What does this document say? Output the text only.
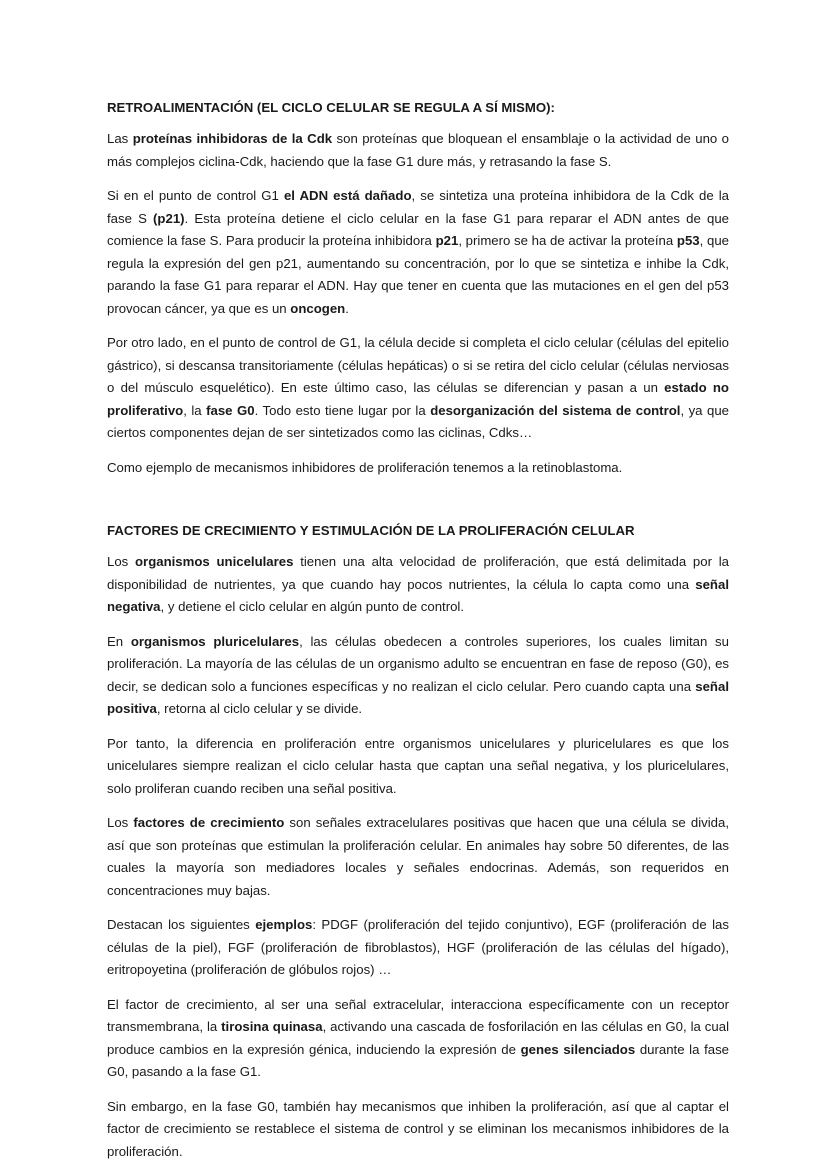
RETROALIMENTACIÓN (EL CICLO CELULAR SE REGULA A SÍ MISMO):

Las proteínas inhibidoras de la Cdk son proteínas que bloquean el ensamblaje o la actividad de uno o más complejos ciclina-Cdk, haciendo que la fase G1 dure más, y retrasando la fase S.

Si en el punto de control G1 el ADN está dañado, se sintetiza una proteína inhibidora de la Cdk de la fase S (p21). Esta proteína detiene el ciclo celular en la fase G1 para reparar el ADN antes de que comience la fase S. Para producir la proteína inhibidora p21, primero se ha de activar la proteína p53, que regula la expresión del gen p21, aumentando su concentración, por lo que se sintetiza e inhibe la Cdk, parando la fase G1 para reparar el ADN. Hay que tener en cuenta que las mutaciones en el gen del p53 provocan cáncer, ya que es un oncogen.

Por otro lado, en el punto de control de G1, la célula decide si completa el ciclo celular (células del epitelio gástrico), si descansa transitoriamente (células hepáticas) o si se retira del ciclo celular (células nerviosas o del músculo esquelético). En este último caso, las células se diferencian y pasan a un estado no proliferativo, la fase G0. Todo esto tiene lugar por la desorganización del sistema de control, ya que ciertos componentes dejan de ser sintetizados como las ciclinas, Cdks…

Como ejemplo de mecanismos inhibidores de proliferación tenemos a la retinoblastoma.

FACTORES DE CRECIMIENTO Y ESTIMULACIÓN DE LA PROLIFERACIÓN CELULAR

Los organismos unicelulares tienen una alta velocidad de proliferación, que está delimitada por la disponibilidad de nutrientes, ya que cuando hay pocos nutrientes, la célula lo capta como una señal negativa, y detiene el ciclo celular en algún punto de control.

En organismos pluricelulares, las células obedecen a controles superiores, los cuales limitan su proliferación. La mayoría de las células de un organismo adulto se encuentran en fase de reposo (G0), es decir, se dedican solo a funciones específicas y no realizan el ciclo celular. Pero cuando capta una señal positiva, retorna al ciclo celular y se divide.

Por tanto, la diferencia en proliferación entre organismos unicelulares y pluricelulares es que los unicelulares siempre realizan el ciclo celular hasta que captan una señal negativa, y los pluricelulares, solo proliferan cuando reciben una señal positiva.

Los factores de crecimiento son señales extracelulares positivas que hacen que una célula se divida, así que son proteínas que estimulan la proliferación celular. En animales hay sobre 50 diferentes, de las cuales la mayoría son mediadores locales y señales endocrinas. Además, son requeridos en concentraciones muy bajas.

Destacan los siguientes ejemplos: PDGF (proliferación del tejido conjuntivo), EGF (proliferación de las células de la piel), FGF (proliferación de fibroblastos), HGF (proliferación de las células del hígado), eritropoyetina (proliferación de glóbulos rojos) …

El factor de crecimiento, al ser una señal extracelular, interacciona específicamente con un receptor transmembrana, la tirosina quinasa, activando una cascada de fosforilación en las células en G0, la cual produce cambios en la expresión génica, induciendo la expresión de genes silenciados durante la fase G0, pasando a la fase G1.

Sin embargo, en la fase G0, también hay mecanismos que inhiben la proliferación, así que al captar el factor de crecimiento se restablece el sistema de control y se eliminan los mecanismos inhibidores de la proliferación.
